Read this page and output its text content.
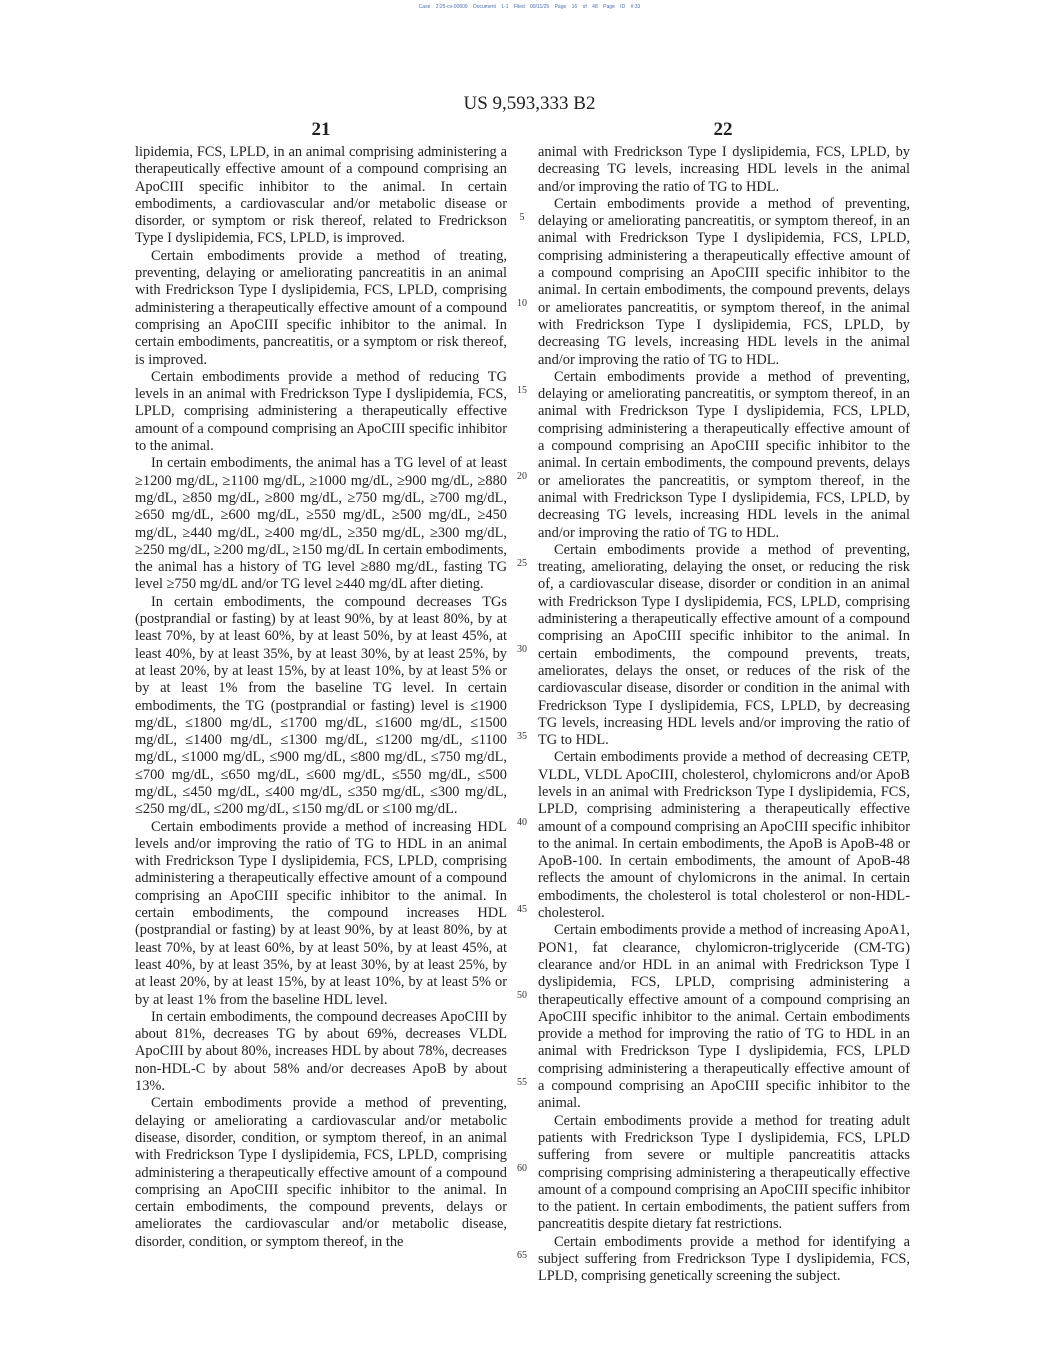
Case 2:25-cv-00609 Document 1-1 Filed 09/11/25 Page 16 of 48 Page ID #:33
US 9,593,333 B2
21	22

lipidemia, FCS, LPLD, in an animal comprising administering a therapeutically effective amount of a compound comprising an ApoCIII specific inhibitor to the animal. In certain embodiments, a cardiovascular and/or metabolic disease or disorder, or symptom or risk thereof, related to Fredrickson Type I dyslipidemia, FCS, LPLD, is improved.

Certain embodiments provide a method of treating, preventing, delaying or ameliorating pancreatitis in an animal with Fredrickson Type I dyslipidemia, FCS, LPLD, comprising administering a therapeutically effective amount of a compound comprising an ApoCIII specific inhibitor to the animal. In certain embodiments, pancreatitis, or a symptom or risk thereof, is improved.

Certain embodiments provide a method of reducing TG levels in an animal with Fredrickson Type I dyslipidemia, FCS, LPLD, comprising administering a therapeutically effective amount of a compound comprising an ApoCIII specific inhibitor to the animal.

In certain embodiments, the animal has a TG level of at least ≥1200 mg/dL, ≥1100 mg/dL, ≥1000 mg/dL, ≥900 mg/dL, ≥880 mg/dL, ≥850 mg/dL, ≥800 mg/dL, ≥750 mg/dL, ≥700 mg/dL, ≥650 mg/dL, ≥600 mg/dL, ≥550 mg/dL, ≥500 mg/dL, ≥450 mg/dL, ≥440 mg/dL, ≥400 mg/dL, ≥350 mg/dL, ≥300 mg/dL, ≥250 mg/dL, ≥200 mg/dL, ≥150 mg/dL In certain embodiments, the animal has a history of TG level ≥880 mg/dL, fasting TG level ≥750 mg/dL and/or TG level ≥440 mg/dL after dieting.

In certain embodiments, the compound decreases TGs (postprandial or fasting) by at least 90%, by at least 80%, by at least 70%, by at least 60%, by at least 50%, by at least 45%, at least 40%, by at least 35%, by at least 30%, by at least 25%, by at least 20%, by at least 15%, by at least 10%, by at least 5% or by at least 1% from the baseline TG level. In certain embodiments, the TG (postprandial or fasting) level is ≤1900 mg/dL, ≤1800 mg/dL, ≤1700 mg/dL, ≤1600 mg/dL, ≤1500 mg/dL, ≤1400 mg/dL, ≤1300 mg/dL, ≤1200 mg/dL, ≤1100 mg/dL, ≤1000 mg/dL, ≤900 mg/dL, ≤800 mg/dL, ≤750 mg/dL, ≤700 mg/dL, ≤650 mg/dL, ≤600 mg/dL, ≤550 mg/dL, ≤500 mg/dL, ≤450 mg/dL, ≤400 mg/dL, ≤350 mg/dL, ≤300 mg/dL, ≤250 mg/dL, ≤200 mg/dL, ≤150 mg/dL or ≤100 mg/dL.

Certain embodiments provide a method of increasing HDL levels and/or improving the ratio of TG to HDL in an animal with Fredrickson Type I dyslipidemia, FCS, LPLD, comprising administering a therapeutically effective amount of a compound comprising an ApoCIII specific inhibitor to the animal. In certain embodiments, the compound increases HDL (postprandial or fasting) by at least 90%, by at least 80%, by at least 70%, by at least 60%, by at least 50%, by at least 45%, at least 40%, by at least 35%, by at least 30%, by at least 25%, by at least 20%, by at least 15%, by at least 10%, by at least 5% or by at least 1% from the baseline HDL level.

In certain embodiments, the compound decreases ApoCIII by about 81%, decreases TG by about 69%, decreases VLDL ApoCIII by about 80%, increases HDL by about 78%, decreases non-HDL-C by about 58% and/or decreases ApoB by about 13%.

Certain embodiments provide a method of preventing, delaying or ameliorating a cardiovascular and/or metabolic disease, disorder, condition, or symptom thereof, in an animal with Fredrickson Type I dyslipidemia, FCS, LPLD, comprising administering a therapeutically effective amount of a compound comprising an ApoCIII specific inhibitor to the animal. In certain embodiments, the compound prevents, delays or ameliorates the cardiovascular and/or metabolic disease, disorder, condition, or symptom thereof, in the

5
10
15
20
25
30
35
40
45
50
55
60
65

animal with Fredrickson Type I dyslipidemia, FCS, LPLD, by decreasing TG levels, increasing HDL levels in the animal and/or improving the ratio of TG to HDL.

Certain embodiments provide a method of preventing, delaying or ameliorating pancreatitis, or symptom thereof, in an animal with Fredrickson Type I dyslipidemia, FCS, LPLD, comprising administering a therapeutically effective amount of a compound comprising an ApoCIII specific inhibitor to the animal. In certain embodiments, the compound prevents, delays or ameliorates pancreatitis, or symptom thereof, in the animal with Fredrickson Type I dyslipidemia, FCS, LPLD, by decreasing TG levels, increasing HDL levels in the animal and/or improving the ratio of TG to HDL.

Certain embodiments provide a method of preventing, delaying or ameliorating pancreatitis, or symptom thereof, in an animal with Fredrickson Type I dyslipidemia, FCS, LPLD, comprising administering a therapeutically effective amount of a compound comprising an ApoCIII specific inhibitor to the animal. In certain embodiments, the compound prevents, delays or ameliorates the pancreatitis, or symptom thereof, in the animal with Fredrickson Type I dyslipidemia, FCS, LPLD, by decreasing TG levels, increasing HDL levels in the animal and/or improving the ratio of TG to HDL.

Certain embodiments provide a method of preventing, treating, ameliorating, delaying the onset, or reducing the risk of, a cardiovascular disease, disorder or condition in an animal with Fredrickson Type I dyslipidemia, FCS, LPLD, comprising administering a therapeutically effective amount of a compound comprising an ApoCIII specific inhibitor to the animal. In certain embodiments, the compound prevents, treats, ameliorates, delays the onset, or reduces of the risk of the cardiovascular disease, disorder or condition in the animal with Fredrickson Type I dyslipidemia, FCS, LPLD, by decreasing TG levels, increasing HDL levels and/or improving the ratio of TG to HDL.

Certain embodiments provide a method of decreasing CETP, VLDL, VLDL ApoCIII, cholesterol, chylomicrons and/or ApoB levels in an animal with Fredrickson Type I dyslipidemia, FCS, LPLD, comprising administering a therapeutically effective amount of a compound comprising an ApoCIII specific inhibitor to the animal. In certain embodiments, the ApoB is ApoB-48 or ApoB-100. In certain embodiments, the amount of ApoB-48 reflects the amount of chylomicrons in the animal. In certain embodiments, the cholesterol is total cholesterol or non-HDL-cholesterol.

Certain embodiments provide a method of increasing ApoA1, PON1, fat clearance, chylomicron-triglyceride (CM-TG) clearance and/or HDL in an animal with Fredrickson Type I dyslipidemia, FCS, LPLD, comprising administering a therapeutically effective amount of a compound comprising an ApoCIII specific inhibitor to the animal. Certain embodiments provide a method for improving the ratio of TG to HDL in an animal with Fredrickson Type I dyslipidemia, FCS, LPLD comprising administering a therapeutically effective amount of a compound comprising an ApoCIII specific inhibitor to the animal.

Certain embodiments provide a method for treating adult patients with Fredrickson Type I dyslipidemia, FCS, LPLD suffering from severe or multiple pancreatitis attacks comprising comprising administering a therapeutically effective amount of a compound comprising an ApoCIII specific inhibitor to the patient. In certain embodiments, the patient suffers from pancreatitis despite dietary fat restrictions.

Certain embodiments provide a method for identifying a subject suffering from Fredrickson Type I dyslipidemia, FCS, LPLD, comprising genetically screening the subject.
